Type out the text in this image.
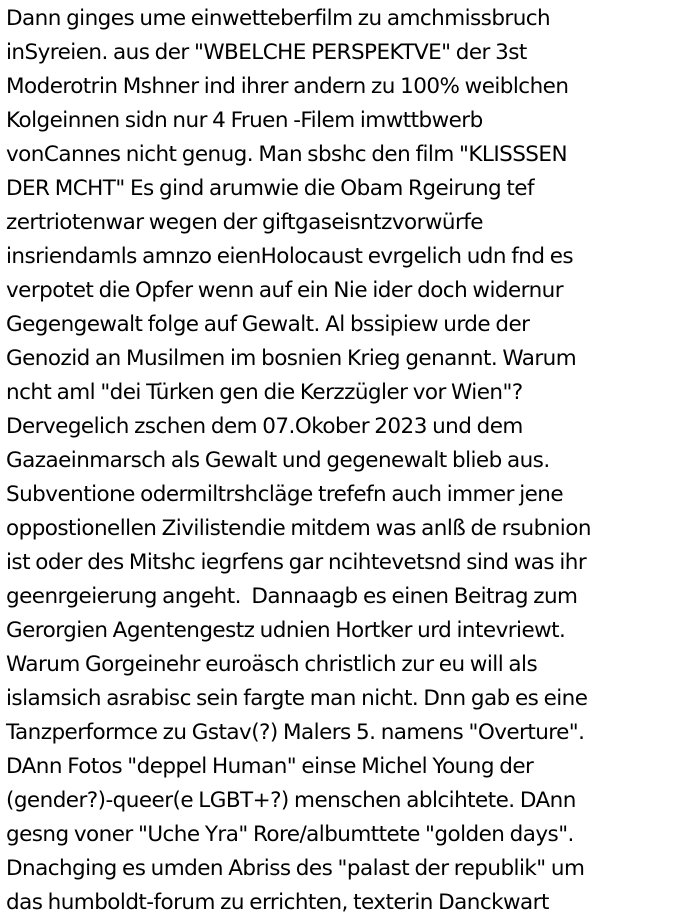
Dann ginges ume einwetteberfilm zu amchmissbruch
inSyreien. aus der "WBELCHE PERSPEKTVE" der 3st
Moderotrin Mshner ind ihrer andern zu 100% weiblchen
Kolgeinnen sidn nur 4 Fruen -Filem imwttbwerb
vonCannes nicht genug. Man sbshc den film "KLISSSEN
DER MCHT" Es gind arumwie die Obam Rgeirung tef
zertriotenwar wegen der giftgaseisntzvorwürfe
insriendamls amnzo eienHolocaust evrgelich udn fnd es
verpotet die Opfer wenn auf ein Nie ider doch widernur
Gegengewalt folge auf Gewalt. Al bssipiew urde der
Genozid an Musilmen im bosnien Krieg genannt. Warum
ncht aml "dei Türken gen die Kerzzügler vor Wien"?
Dervegelich zschen dem 07.Okober 2023 und dem
Gazaeinmarsch als Gewalt und gegenewalt blieb aus.
Subventione odermiltrshcläge trefefn auch immer jene
oppostionellen Zivilistendie mitdem was anlß de rsubnion
ist oder des Mitshc iegrfens gar ncihtevetsnd sind was ihr
geenrgeierung angeht.  Dannaagb es einen Beitrag zum
Gerorgien Agentengestz udnien Hortker urd intevriewt.
Warum Gorgeinehr euroäsch christlich zur eu will als
islamsich asrabisc sein fargte man nicht. Dnn gab es eine
Tanzperformce zu Gstav(?) Malers 5. namens "Overture".
DAnn Fotos "deppel Human" einse Michel Young der
(gender?)-queer(e LGBT+?) menschen ablcihtete. DAnn
gesng voner "Uche Yra" Rore/albumttete "golden days".
Dnachging es umden Abriss des "palast der republik" um
das humboldt-forum zu errichten, texterin Danckwart
